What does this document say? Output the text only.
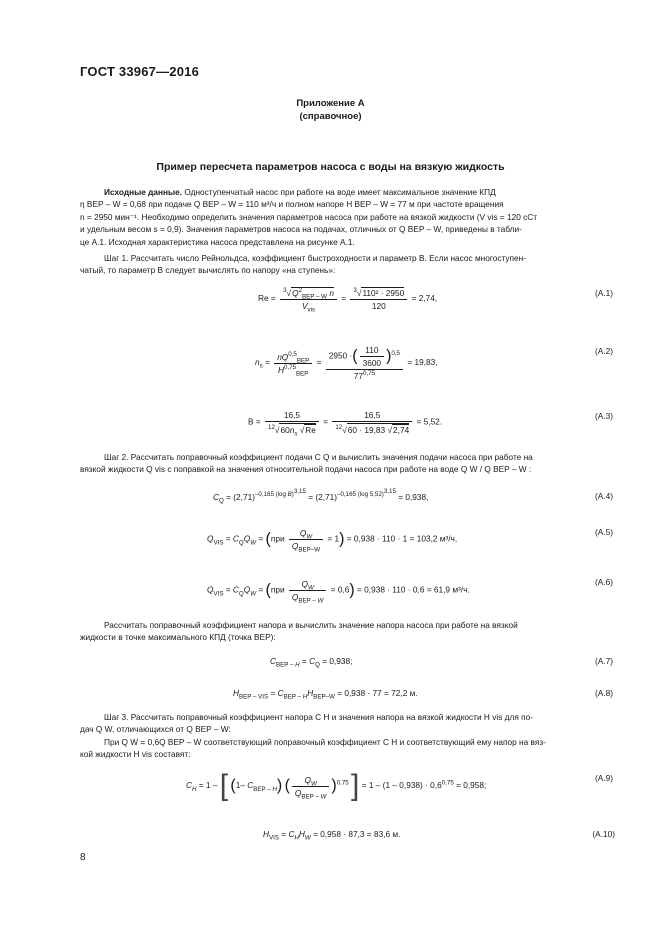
ГОСТ 33967—2016
Приложение А
(справочное)
Пример пересчета параметров насоса с воды на вязкую жидкость
Исходные данные. Одноступенчатый насос при работе на воде имеет максимальное значение КПД
η BEP – W = 0,68 при подаче Q BEP – W = 110 м³/ч и полном напоре H BEP – W = 77 м при частоте вращения
n = 2950 мин⁻¹. Необходимо определить значения параметров насоса при работе на вязкой жидкости (V vis = 120 сСт
и удельным весом s = 0,9). Значения параметров насоса на подачах, отличных от Q BEP – W, приведены в табли-
це А.1. Исходная характеристика насоса представлена на рисунке А.1.
Шаг 1. Рассчитать число Рейнольдса, коэффициент быстроходности и параметр B. Если насос многоступен-
чатый, то параметр B следует вычислять по напору «на ступень»:
$Re = \frac{^3√Q^2_{BEP - W} n}{V_{vis}} = \frac{^3√110^2 \cdot 2950}{120} = 2,74$,
(А.1)
$n_s = \frac{nQ^{0,5}_{BEP}}{H^{0,75}_{BEP}} = \frac{2950 \cdot( \frac{110}{3600} )^{0,5}}{77^{0,75}} = 19,83$,
(А.2)
$B = \frac{16,5}{^{12}√60n_s √Re} = \frac{16,5}{^{12}√60 \cdot 19,83 √2,74} = 5,52$.
(А.3)
Шаг 2. Рассчитать поправочный коэффициент подачи C Q и вычислить значения подачи насоса при работе на
вязкой жидкости Q vis с поправкой на значения относительной подачи насоса при работе на воде Q W / Q BEP – W :
$C_Q = (2,71)^{-0,165 (log B)^{3,15}} = (2,71)^{-0,165 (log 5,52)^{3,15}} = 0,938$,	(А.4)
$Q_{VIS} = C_QQ_W = (при \frac{Q_W}{Q_{BEP-W}} = 1) = 0,938 \cdot 110 \cdot 1 = 103,2$ м³/ч,
(А.5)
$Q_{VIS} = C_QQ_W = (при \frac{Q_W}{Q_{BEP - W}} = 0,6) = 0,938 \cdot 110 \cdot 0,6 = 61,9$ м³/ч.
(А.6)
Рассчитать поправочный коэффициент напора и вычислить значение напора насоса при работе на вязкой
жидкости в точке максимального КПД (точка BEP):
$C_{BEP - H} = C_Q = 0,938$;	(А.7)
$H_{BEP - VIS} = C_{BEP - H}H_{BEP-W} = 0,938 \cdot 77 = 72,2$ м.	(А.8)
Шаг 3. Рассчитать поправочный коэффициент напора C H и значения напора на вязкой жидкости H vis для по-
дач Q W, отличающихся от Q BEP – W:
При Q W = 0,6Q BEP – W соответствующий поправочный коэффициент C H и соответствующий ему напор на вяз-
кой жидкости H vis составят:
$C_H = 1$ – [ (1– $C_{BEP - H}$) ( $\frac{Q_W}{Q_{BEP - W}} )^{0,75}$ ] = $1 - (1 - 0,938) \cdot 0,6^{0,75} = 0,958$;
(А.9)
$H_{VIS} = C_HH_W = 0,958 \cdot 87,3 = 83,6$ м.	(А.10)
8
